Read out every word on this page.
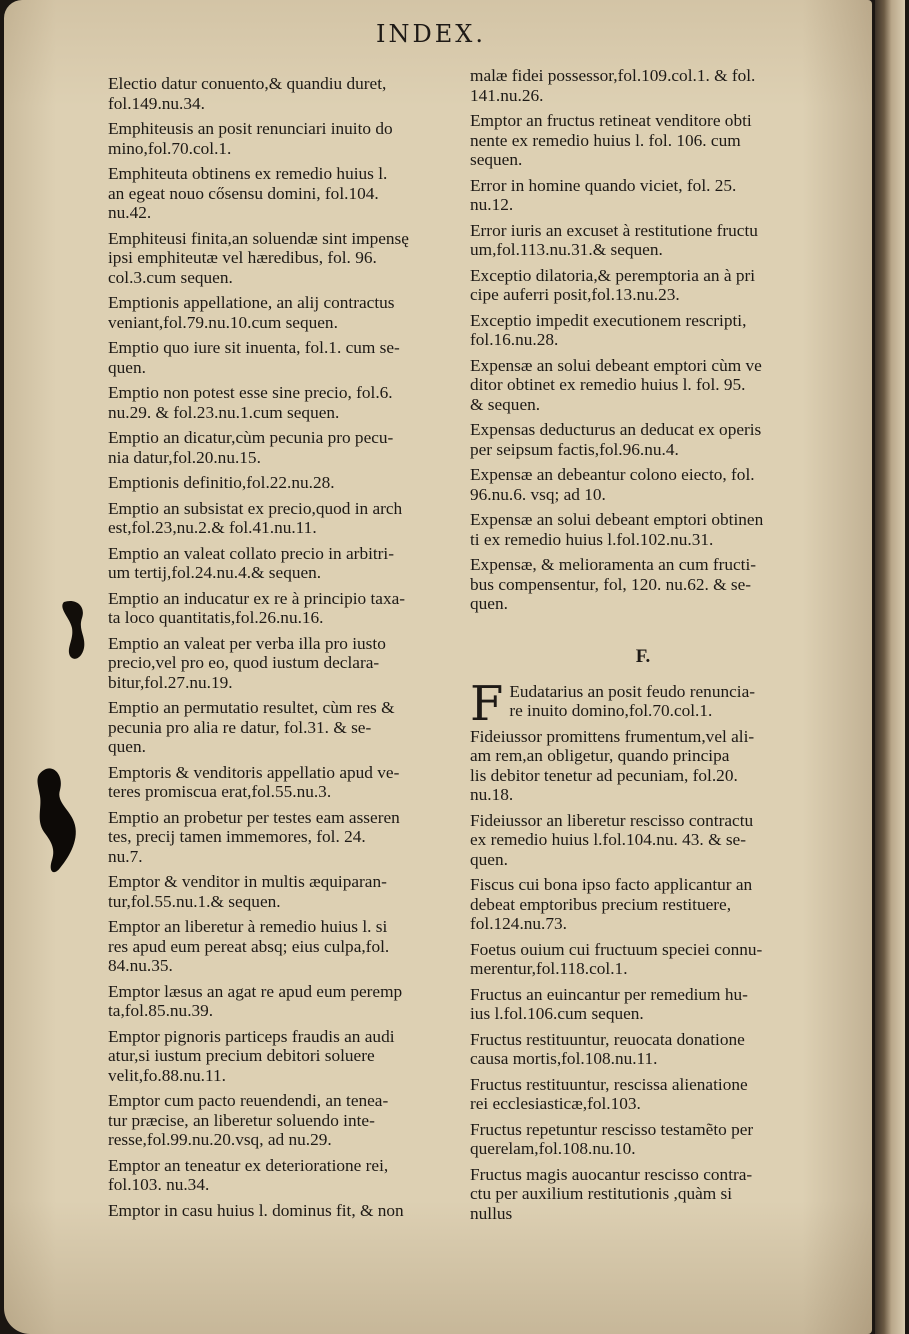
INDEX.
Electio datur conuento,& quandiu duret,
fol.149.nu.34.
Emphiteusis an posit renunciari inuito do
mino,fol.70.col.1.
Emphiteuta obtinens ex remedio huius l.
an egeat nouo cősensu domini, fol.104.
nu.42.
Emphiteusi finita,an soluendæ sint impensę
ipsi emphiteutæ vel hæredibus, fol. 96.
col.3.cum sequen.
Emptionis appellatione, an alij contractus
veniant,fol.79.nu.10.cum sequen.
Emptio quo iure sit inuenta, fol.1. cum se-
quen.
Emptio non potest esse sine precio, fol.6.
nu.29. & fol.23.nu.1.cum sequen.
Emptio an dicatur,cùm pecunia pro pecu-
nia datur,fol.20.nu.15.
Emptionis definitio,fol.22.nu.28.
Emptio an subsistat ex precio,quod in arch
est,fol.23,nu.2.& fol.41.nu.11.
Emptio an valeat collato precio in arbitri-
um tertij,fol.24.nu.4.& sequen.
Emptio an inducatur ex re à principio taxa-
ta loco quantitatis,fol.26.nu.16.
Emptio an valeat per verba illa pro iusto
precio,vel pro eo, quod iustum declara-
bitur,fol.27.nu.19.
Emptio an permutatio resultet, cùm res &
pecunia pro alia re datur, fol.31. & se-
quen.
Emptoris & venditoris appellatio apud ve-
teres promiscua erat,fol.55.nu.3.
Emptio an probetur per testes eam asseren
tes, precij tamen immemores, fol. 24.
nu.7.
Emptor & venditor in multis æquiparan-
tur,fol.55.nu.1.& sequen.
Emptor an liberetur à remedio huius l. si
res apud eum pereat absq; eius culpa,fol.
84.nu.35.
Emptor læsus an agat re apud eum peremp
ta,fol.85.nu.39.
Emptor pignoris particeps fraudis an audi
atur,si iustum precium debitori soluere
velit,fo.88.nu.11.
Emptor cum pacto reuendendi, an tenea-
tur præcise, an liberetur soluendo inte-
resse,fol.99.nu.20.vsq, ad nu.29.
Emptor an teneatur ex deterioratione rei,
fol.103. nu.34.
Emptor in casu huius l. dominus fit, & non
malæ fidei possessor,fol.109.col.1. & fol.
141.nu.26.
Emptor an fructus retineat venditore obti
nente ex remedio huius l. fol. 106. cum
sequen.
Error in homine quando viciet, fol. 25.
nu.12.
Error iuris an excuset à restitutione fructu
um,fol.113.nu.31.& sequen.
Exceptio dilatoria,& peremptoria an à pri
cipe auferri posit,fol.13.nu.23.
Exceptio impedit executionem rescripti,
fol.16.nu.28.
Expensæ an solui debeant emptori cùm ve
ditor obtinet ex remedio huius l. fol. 95.
& sequen.
Expensas deducturus an deducat ex operis
per seipsum factis,fol.96.nu.4.
Expensæ an debeantur colono eiecto, fol.
96.nu.6. vsq; ad 10.
Expensæ an solui debeant emptori obtinen
ti ex remedio huius l.fol.102.nu.31.
Expensæ, & melioramenta an cum fructi-
bus compensentur, fol, 120. nu.62. & se-
quen.
F.
F Eudatarius an posit feudo renuncia-
re inuito domino,fol.70.col.1.
Fideiussor promittens frumentum,vel ali-
am rem,an obligetur, quando principa
lis debitor tenetur ad pecuniam, fol.20.
nu.18.
Fideiussor an liberetur rescisso contractu
ex remedio huius l.fol.104.nu. 43. & se-
quen.
Fiscus cui bona ipso facto applicantur an
debeat emptoribus precium restituere,
fol.124.nu.73.
Foetus ouium cui fructuum speciei connu-
merentur,fol.118.col.1.
Fructus an euincantur per remedium hu-
ius l.fol.106.cum sequen.
Fructus restituuntur, reuocata donatione
causa mortis,fol.108.nu.11.
Fructus restituuntur, rescissa alienatione
rei ecclesiasticæ,fol.103.
Fructus repetuntur rescisso testamẽto per
querelam,fol.108.nu.10.
Fructus magis auocantur rescisso contra-
ctu per auxilium restitutionis ,quàm si
nullus
